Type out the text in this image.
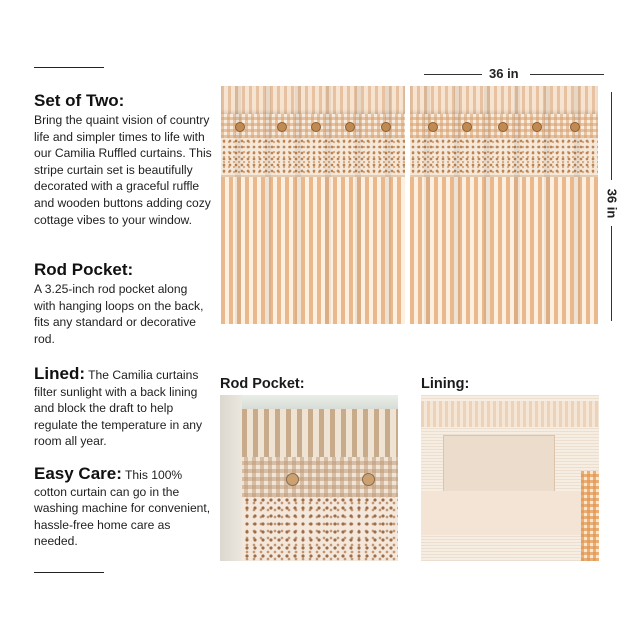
Set of Two:
Bring the quaint vision of country life and simpler times to life with our Camilia Ruffled curtains. This stripe curtain set is beautifully decorated with a graceful ruffle and wooden buttons adding cozy cottage vibes to your window.
Rod Pocket:
A 3.25-inch rod pocket along with hanging loops on the back, fits any standard or decorative rod.
Lined: The Camilia curtains filter sunlight with a back lining and block the draft to help regulate the temperature in any room all year.
Easy Care: This 100% cotton curtain can go in the washing machine for convenient, hassle-free home care as needed.
36 in
36 in
Rod Pocket:	Lining:
